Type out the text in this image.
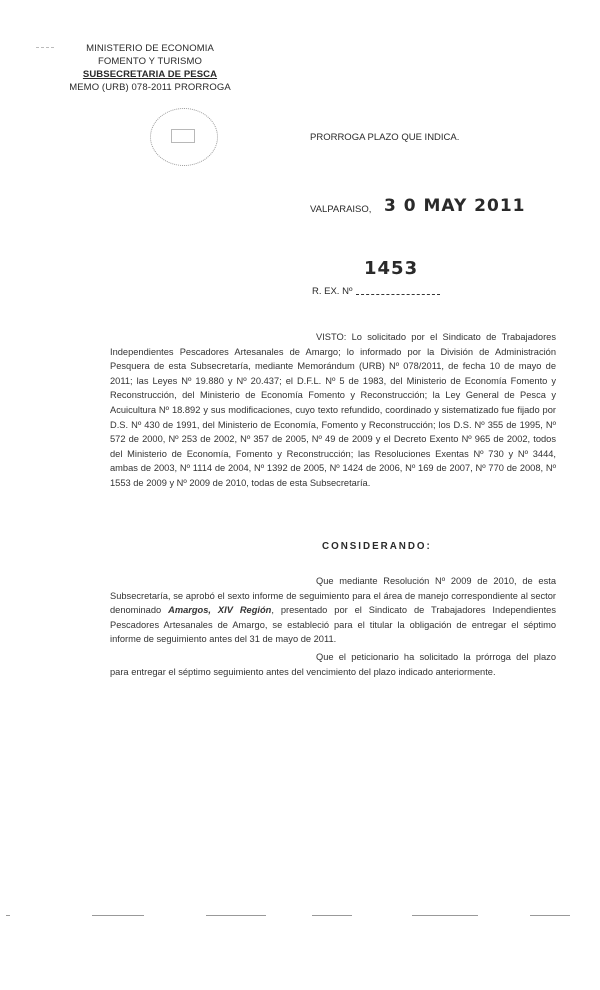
MINISTERIO DE ECONOMIA
FOMENTO Y TURISMO
SUBSECRETARIA DE PESCA
MEMO (URB) 078-2011 PRORROGA
PRORROGA PLAZO QUE INDICA.
VALPARAISO, 3 0 MAY 2011
1453
R. EX. Nº
VISTO: Lo solicitado por el Sindicato de Trabajadores Independientes Pescadores Artesanales de Amargo; lo informado por la División de Administración Pesquera de esta Subsecretaría, mediante Memorándum (URB) Nº 078/2011, de fecha 10 de mayo de 2011; las Leyes Nº 19.880 y Nº 20.437; el D.F.L. Nº 5 de 1983, del Ministerio de Economía Fomento y Reconstrucción, del Ministerio de Economía Fomento y Reconstrucción; la Ley General de Pesca y Acuicultura Nº 18.892 y sus modificaciones, cuyo texto refundido, coordinado y sistematizado fue fijado por D.S. Nº 430 de 1991, del Ministerio de Economía, Fomento y Reconstrucción; los D.S. Nº 355 de 1995, Nº 572 de 2000, Nº 253 de 2002, Nº 357 de 2005, Nº 49 de 2009 y el Decreto Exento Nº 965 de 2002, todos del Ministerio de Economía, Fomento y Reconstrucción; las Resoluciones Exentas Nº 730 y Nº 3444, ambas de 2003, Nº 1114 de 2004, Nº 1392 de 2005, Nº 1424 de 2006, Nº 169 de 2007, Nº 770 de 2008, Nº 1553 de 2009 y Nº 2009 de 2010, todas de esta Subsecretaría.
CONSIDERANDO:
Que mediante Resolución Nº 2009 de 2010, de esta Subsecretaría, se aprobó el sexto informe de seguimiento para el área de manejo correspondiente al sector denominado Amargos, XIV Región, presentado por el Sindicato de Trabajadores Independientes Pescadores Artesanales de Amargo, se estableció para el titular la obligación de entregar el séptimo informe de seguimiento antes del 31 de mayo de 2011.
Que el peticionario ha solicitado la prórroga del plazo para entregar el séptimo seguimiento antes del vencimiento del plazo indicado anteriormente.
